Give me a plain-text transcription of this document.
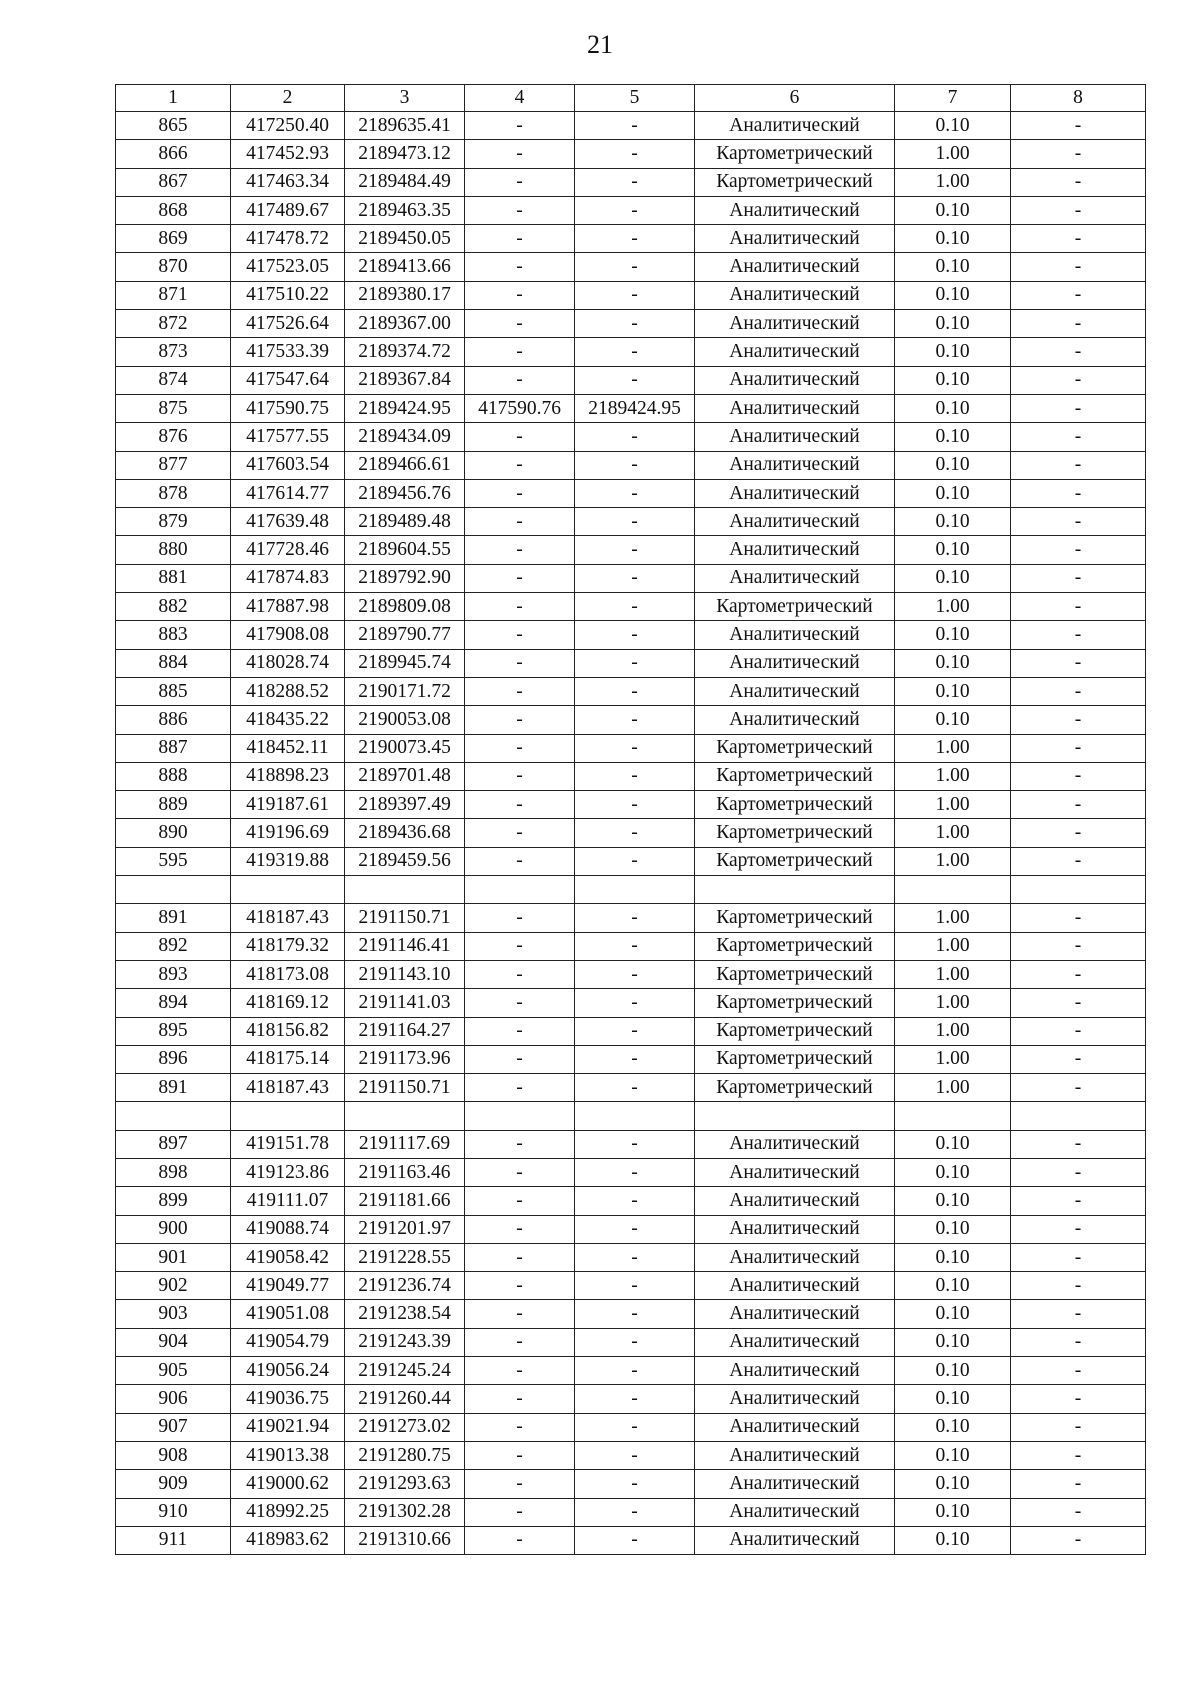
21
1	2	3	4	5	6	7	8
865	417250.40	2189635.41	-	-	Аналитический	0.10	-
866	417452.93	2189473.12	-	-	Картометрический	1.00	-
867	417463.34	2189484.49	-	-	Картометрический	1.00	-
868	417489.67	2189463.35	-	-	Аналитический	0.10	-
869	417478.72	2189450.05	-	-	Аналитический	0.10	-
870	417523.05	2189413.66	-	-	Аналитический	0.10	-
871	417510.22	2189380.17	-	-	Аналитический	0.10	-
872	417526.64	2189367.00	-	-	Аналитический	0.10	-
873	417533.39	2189374.72	-	-	Аналитический	0.10	-
874	417547.64	2189367.84	-	-	Аналитический	0.10	-
875	417590.75	2189424.95	417590.76	2189424.95	Аналитический	0.10	-
876	417577.55	2189434.09	-	-	Аналитический	0.10	-
877	417603.54	2189466.61	-	-	Аналитический	0.10	-
878	417614.77	2189456.76	-	-	Аналитический	0.10	-
879	417639.48	2189489.48	-	-	Аналитический	0.10	-
880	417728.46	2189604.55	-	-	Аналитический	0.10	-
881	417874.83	2189792.90	-	-	Аналитический	0.10	-
882	417887.98	2189809.08	-	-	Картометрический	1.00	-
883	417908.08	2189790.77	-	-	Аналитический	0.10	-
884	418028.74	2189945.74	-	-	Аналитический	0.10	-
885	418288.52	2190171.72	-	-	Аналитический	0.10	-
886	418435.22	2190053.08	-	-	Аналитический	0.10	-
887	418452.11	2190073.45	-	-	Картометрический	1.00	-
888	418898.23	2189701.48	-	-	Картометрический	1.00	-
889	419187.61	2189397.49	-	-	Картометрический	1.00	-
890	419196.69	2189436.68	-	-	Картометрический	1.00	-
595	419319.88	2189459.56	-	-	Картометрический	1.00	-

891	418187.43	2191150.71	-	-	Картометрический	1.00	-
892	418179.32	2191146.41	-	-	Картометрический	1.00	-
893	418173.08	2191143.10	-	-	Картометрический	1.00	-
894	418169.12	2191141.03	-	-	Картометрический	1.00	-
895	418156.82	2191164.27	-	-	Картометрический	1.00	-
896	418175.14	2191173.96	-	-	Картометрический	1.00	-
891	418187.43	2191150.71	-	-	Картометрический	1.00	-

897	419151.78	2191117.69	-	-	Аналитический	0.10	-
898	419123.86	2191163.46	-	-	Аналитический	0.10	-
899	419111.07	2191181.66	-	-	Аналитический	0.10	-
900	419088.74	2191201.97	-	-	Аналитический	0.10	-
901	419058.42	2191228.55	-	-	Аналитический	0.10	-
902	419049.77	2191236.74	-	-	Аналитический	0.10	-
903	419051.08	2191238.54	-	-	Аналитический	0.10	-
904	419054.79	2191243.39	-	-	Аналитический	0.10	-
905	419056.24	2191245.24	-	-	Аналитический	0.10	-
906	419036.75	2191260.44	-	-	Аналитический	0.10	-
907	419021.94	2191273.02	-	-	Аналитический	0.10	-
908	419013.38	2191280.75	-	-	Аналитический	0.10	-
909	419000.62	2191293.63	-	-	Аналитический	0.10	-
910	418992.25	2191302.28	-	-	Аналитический	0.10	-
911	418983.62	2191310.66	-	-	Аналитический	0.10	-
